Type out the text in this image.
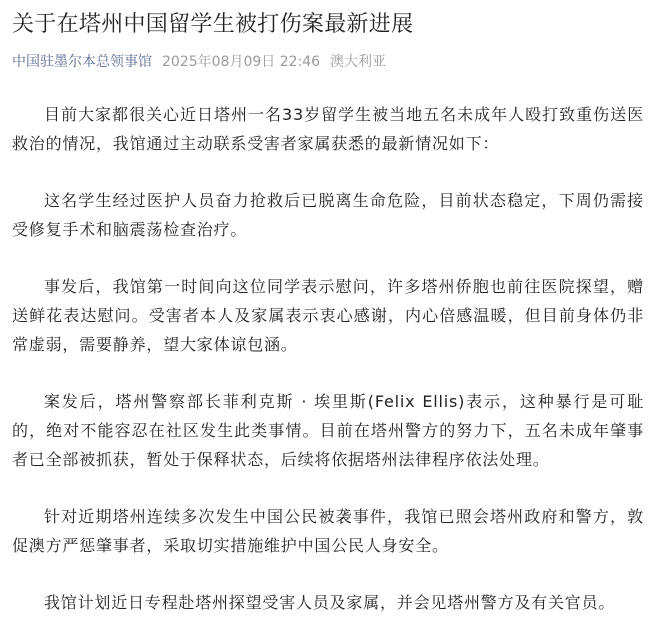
关于在塔州中国留学生被打伤案最新进展
中国驻墨尔本总领事馆 2025年08月09日 22:46 澳大利亚

目前大家都很关心近日塔州一名33岁留学生被当地五名未成年人殴打致重伤送医救治的情况，我馆通过主动联系受害者家属获悉的最新情况如下：

这名学生经过医护人员奋力抢救后已脱离生命危险，目前状态稳定，下周仍需接受修复手术和脑震荡检查治疗。

事发后，我馆第一时间向这位同学表示慰问，许多塔州侨胞也前往医院探望，赠送鲜花表达慰问。受害者本人及家属表示衷心感谢，内心倍感温暖，但目前身体仍非常虚弱，需要静养，望大家体谅包涵。

案发后，塔州警察部长菲利克斯 · 埃里斯(Felix Ellis)表示，这种暴行是可耻的，绝对不能容忍在社区发生此类事情。目前在塔州警方的努力下，五名未成年肇事者已全部被抓获，暂处于保释状态，后续将依据塔州法律程序依法处理。

针对近期塔州连续多次发生中国公民被袭事件，我馆已照会塔州政府和警方，敦促澳方严惩肇事者，采取切实措施维护中国公民人身安全。

我馆计划近日专程赴塔州探望受害人员及家属，并会见塔州警方及有关官员。
